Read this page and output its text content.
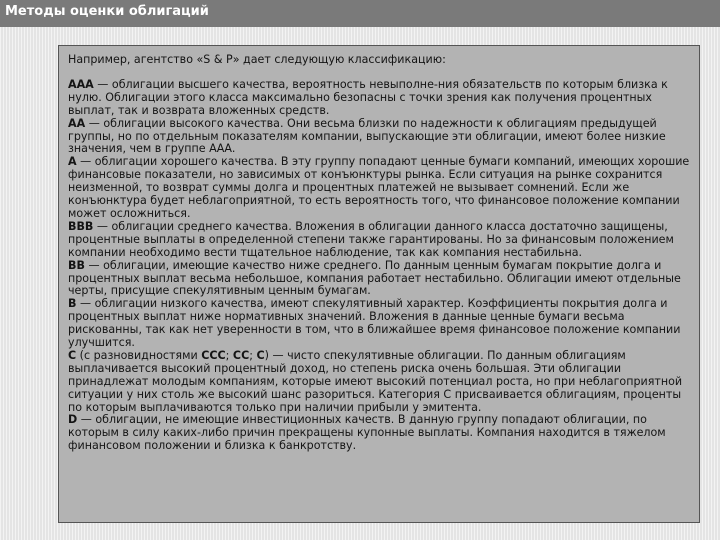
Методы оценки облигаций

Например, агентство «S & P» дает следующую классификацию:

AAA — облигации высшего качества, вероятность невыполне-ния обязательств по которым близка к нулю. Облигации этого класса максимально безопасны с точки зрения как получения процентных выплат, так и возврата вложенных средств.

AA — облигации высокого качества. Они весьма близки по надежности к облигациям предыдущей группы, но по отдельным показателям компании, выпускающие эти облигации, имеют более низкие значения, чем в группе ААА.

A — облигации хорошего качества. В эту группу попадают ценные бумаги компаний, имеющих хорошие финансовые показатели, но зависимых от конъюнктуры рынка. Если ситуация на рынке сохранится неизменной, то возврат суммы долга и процентных платежей не вызывает сомнений. Если же конъюнктура будет неблагоприятной, то есть вероятность того, что финансовое положение компании может осложниться.

BBB — облигации среднего качества. Вложения в облигации данного класса достаточно защищены, процентные выплаты в определенной степени также гарантированы. Но за финансовым положением компании необходимо вести тщательное наблюдение, так как компания нестабильна.

BB — облигации, имеющие качество ниже среднего. По данным ценным бумагам покрытие долга и процентных выплат весьма небольшое, компания работает нестабильно. Облигации имеют отдельные черты, присущие спекулятивным ценным бумагам.

B — облигации низкого качества, имеют спекулятивный характер. Коэффициенты покрытия долга и процентных выплат ниже нормативных значений. Вложения в данные ценные бумаги весьма рискованны, так как нет уверенности в том, что в ближайшее время финансовое положение компании улучшится.

C (с разновидностями CCC; CC; C) — чисто спекулятивные облигации. По данным облигациям выплачивается высокий процентный доход, но степень риска очень большая. Эти облигации принадлежат молодым компаниям, которые имеют высокий потенциал роста, но при неблагоприятной ситуации у них столь же высокий шанс разориться. Категория С присваивается облигациям, проценты по которым выплачиваются только при наличии прибыли у эмитента.

D — облигации, не имеющие инвестиционных качеств. В данную группу попадают облигации, по которым в силу каких-либо причин прекращены купонные выплаты. Компания находится в тяжелом финансовом положении и близка к банкротству.
